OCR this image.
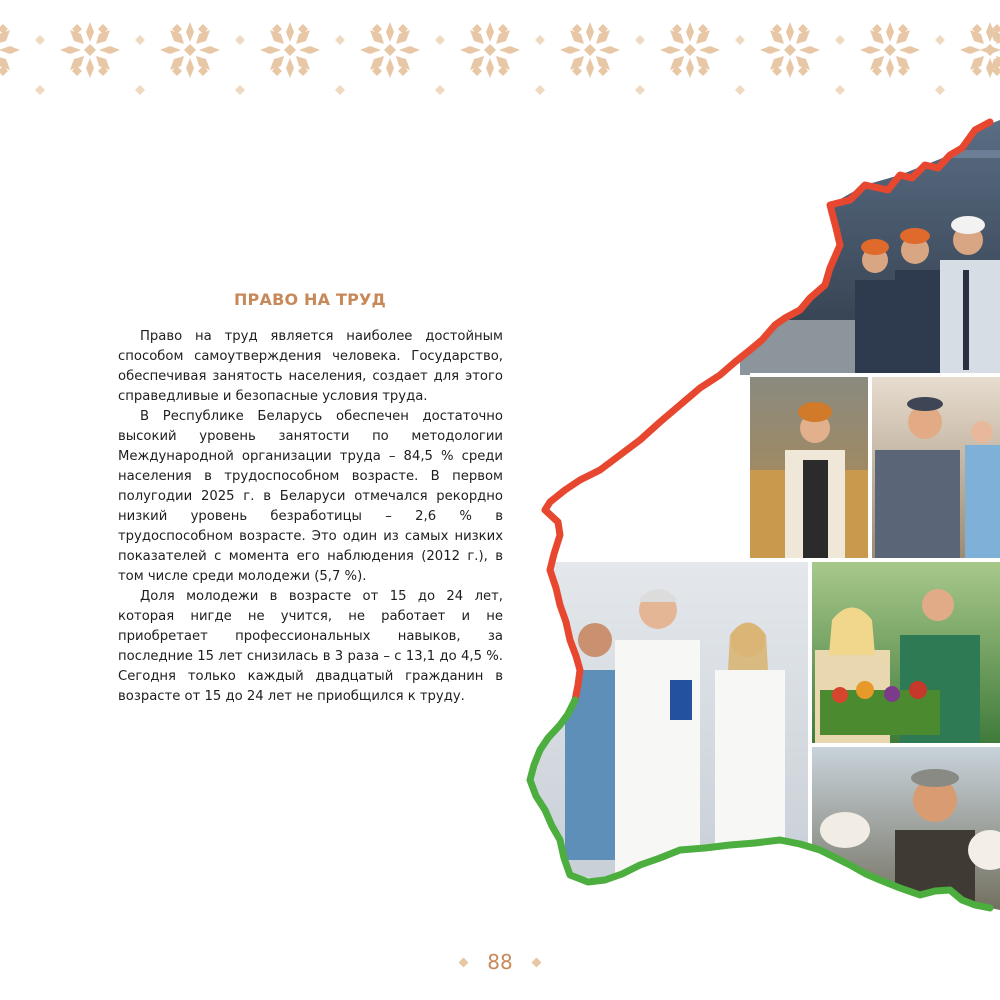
ПРАВО НА ТРУД

Право на труд является наиболее достойным способом самоутверждения человека. Государство, обеспечивая занятость населения, создает для этого справедливые и безопасные условия труда.

В Республике Беларусь обеспечен достаточно высокий уровень занятости по методологии Международной организации труда – 84,5 % среди населения в трудоспособном возрасте. В первом полугодии 2025 г. в Беларуси отмечался рекордно низкий уровень безработицы – 2,6 % в трудоспособном возрасте. Это один из самых низких показателей с момента его наблюдения (2012 г.), в том числе среди молодежи (5,7 %).

Доля молодежи в возрасте от 15 до 24 лет, которая нигде не учится, не работает и не приобретает профессиональных навыков, за последние 15 лет снизилась в 3 раза – с 13,1 до 4,5 %. Сегодня только каждый двадцатый гражданин в возрасте от 15 до 24 лет не приобщился к труду.

88
